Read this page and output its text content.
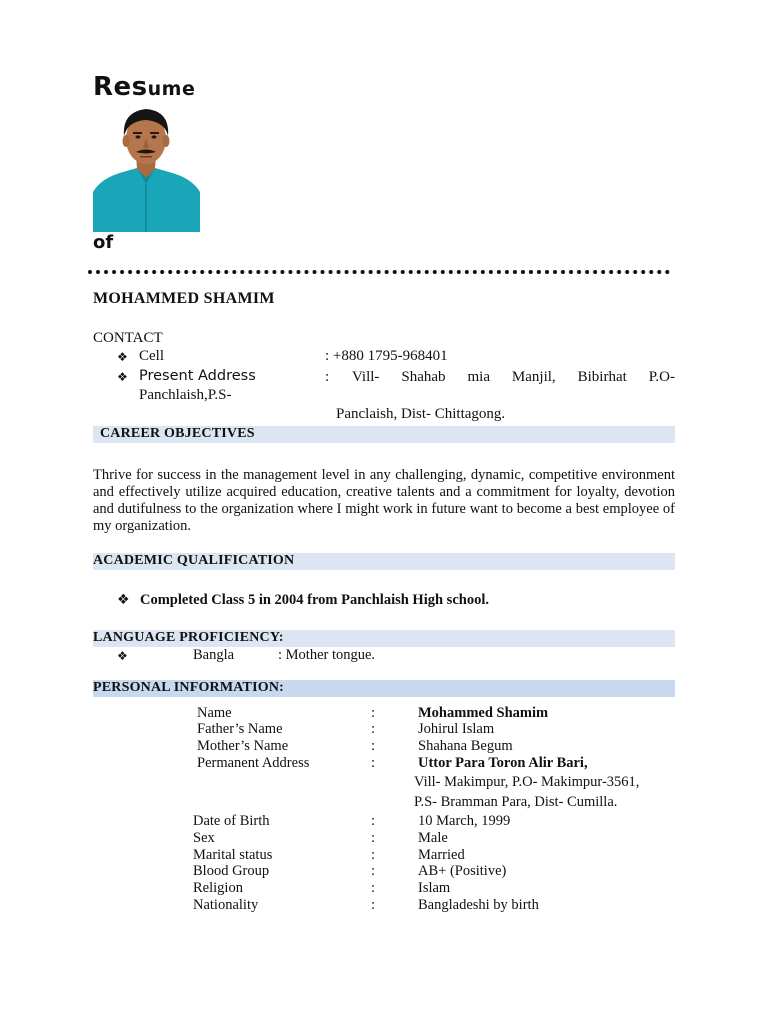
Resume
of
MOHAMMED SHAMIM
CONTACT
❖ Cell	: +880 1795-968401
❖ Present Address	: Vill- Shahab mia Manjil, Bibirhat P.O-
Panchlaish,P.S-
Panclaish, Dist- Chittagong.
CAREER OBJECTIVES
Thrive for success in the management level in any challenging, dynamic, competitive environment and effectively utilize acquired education, creative talents and a commitment for loyalty, devotion and dutifulness to the organization where I might work in future want to become a best employee of my organization.
ACADEMIC QUALIFICATION
❖ Completed Class 5 in 2004 from Panchlaish High school.
LANGUAGE PROFICIENCY:
❖	Bangla	: Mother tongue.
PERSONAL INFORMATION:
Name	:	Mohammed Shamim
Father’s Name	:	Johirul Islam
Mother’s Name	:	Shahana Begum
Permanent Address	:	Uttor Para Toron Alir Bari,
Vill- Makimpur, P.O- Makimpur-3561,
P.S- Bramman Para, Dist- Cumilla.
Date of Birth	:	10 March, 1999
Sex	:	Male
Marital status	:	Married
Blood Group	:	AB+ (Positive)
Religion	:	Islam
Nationality	:	Bangladeshi by birth
